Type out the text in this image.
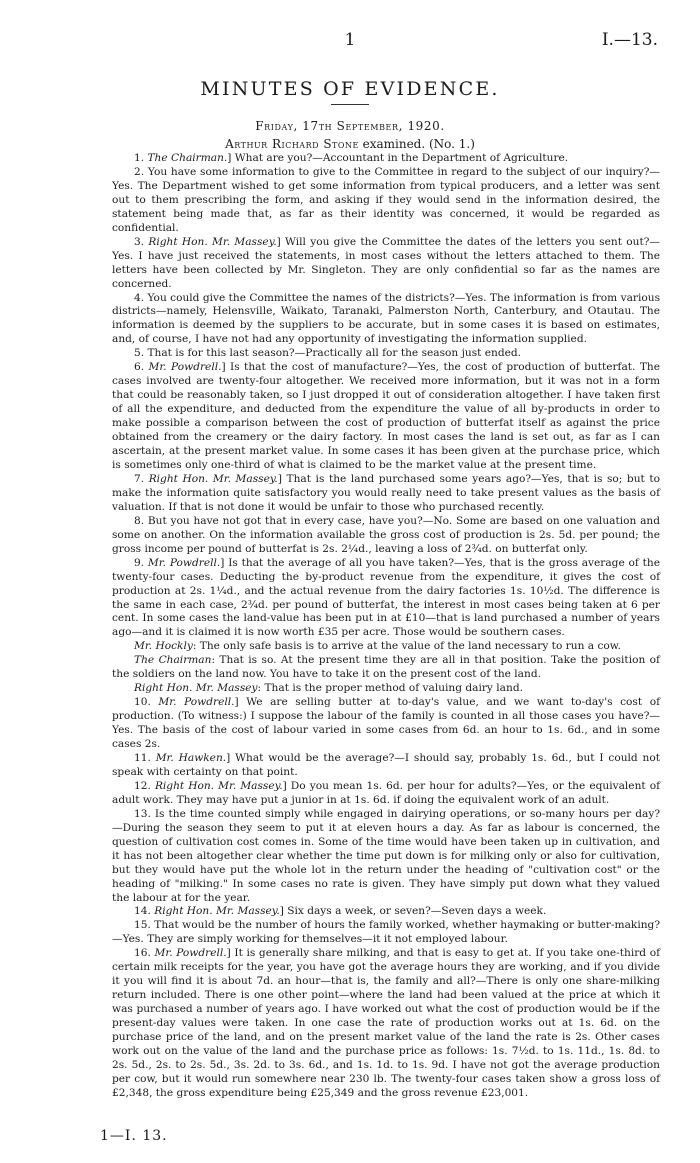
1	I.—13.
MINUTES OF EVIDENCE.
Friday, 17th September, 1920.
Arthur Richard Stone examined. (No. 1.)

1. The Chairman.] What are you?—Accountant in the Department of Agriculture.

2. You have some information to give to the Committee in regard to the subject of our inquiry?—Yes. The Department wished to get some information from typical producers, and a letter was sent out to them prescribing the form, and asking if they would send in the information desired, the statement being made that, as far as their identity was concerned, it would be regarded as confidential.

3. Right Hon. Mr. Massey.] Will you give the Committee the dates of the letters you sent out?—Yes. I have just received the statements, in most cases without the letters attached to them. The letters have been collected by Mr. Singleton. They are only confidential so far as the names are concerned.

4. You could give the Committee the names of the districts?—Yes. The information is from various districts—namely, Helensville, Waikato, Taranaki, Palmerston North, Canterbury, and Otautau. The information is deemed by the suppliers to be accurate, but in some cases it is based on estimates, and, of course, I have not had any opportunity of investigating the information supplied.

5. That is for this last season?—Practically all for the season just ended.

6. Mr. Powdrell.] Is that the cost of manufacture?—Yes, the cost of production of butterfat. The cases involved are twenty-four altogether. We received more information, but it was not in a form that could be reasonably taken, so I just dropped it out of consideration altogether. I have taken first of all the expenditure, and deducted from the expenditure the value of all by-products in order to make possible a comparison between the cost of production of butterfat itself as against the price obtained from the creamery or the dairy factory. In most cases the land is set out, as far as I can ascertain, at the present market value. In some cases it has been given at the purchase price, which is sometimes only one-third of what is claimed to be the market value at the present time.

7. Right Hon. Mr. Massey.] That is the land purchased some years ago?—Yes, that is so; but to make the information quite satisfactory you would really need to take present values as the basis of valuation. If that is not done it would be unfair to those who purchased recently.

8. But you have not got that in every case, have you?—No. Some are based on one valuation and some on another. On the information available the gross cost of production is 2s. 5d. per pound; the gross income per pound of butterfat is 2s. 2¼d., leaving a loss of 2¾d. on butterfat only.

9. Mr. Powdrell.] Is that the average of all you have taken?—Yes, that is the gross average of the twenty-four cases. Deducting the by-product revenue from the expenditure, it gives the cost of production at 2s. 1¼d., and the actual revenue from the dairy factories 1s. 10½d. The difference is the same in each case, 2¾d. per pound of butterfat, the interest in most cases being taken at 6 per cent. In some cases the land-value has been put in at £10—that is land purchased a number of years ago—and it is claimed it is now worth £35 per acre. Those would be southern cases.

Mr. Hockly: The only safe basis is to arrive at the value of the land necessary to run a cow.

The Chairman: That is so. At the present time they are all in that position. Take the position of the soldiers on the land now. You have to take it on the present cost of the land.

Right Hon. Mr. Massey: That is the proper method of valuing dairy land.

10. Mr. Powdrell.] We are selling butter at to-day's value, and we want to-day's cost of production. (To witness:) I suppose the labour of the family is counted in all those cases you have?—Yes. The basis of the cost of labour varied in some cases from 6d. an hour to 1s. 6d., and in some cases 2s.

11. Mr. Hawken.] What would be the average?—I should say, probably 1s. 6d., but I could not speak with certainty on that point.

12. Right Hon. Mr. Massey.] Do you mean 1s. 6d. per hour for adults?—Yes, or the equivalent of adult work. They may have put a junior in at 1s. 6d. if doing the equivalent work of an adult.

13. Is the time counted simply while engaged in dairying operations, or so-many hours per day?—During the season they seem to put it at eleven hours a day. As far as labour is concerned, the question of cultivation cost comes in. Some of the time would have been taken up in cultivation, and it has not been altogether clear whether the time put down is for milking only or also for cultivation, but they would have put the whole lot in the return under the heading of "cultivation cost" or the heading of "milking." In some cases no rate is given. They have simply put down what they valued the labour at for the year.

14. Right Hon. Mr. Massey.] Six days a week, or seven?—Seven days a week.

15. That would be the number of hours the family worked, whether haymaking or butter-making?—Yes. They are simply working for themselves—it it not employed labour.

16. Mr. Powdrell.] It is generally share milking, and that is easy to get at. If you take one-third of certain milk receipts for the year, you have got the average hours they are working, and if you divide it you will find it is about 7d. an hour—that is, the family and all?—There is only one share-milking return included. There is one other point—where the land had been valued at the price at which it was purchased a number of years ago. I have worked out what the cost of production would be if the present-day values were taken. In one case the rate of production works out at 1s. 6d. on the purchase price of the land, and on the present market value of the land the rate is 2s. Other cases work out on the value of the land and the purchase price as follows: 1s. 7½d. to 1s. 11d., 1s. 8d. to 2s. 5d., 2s. to 2s. 5d., 3s. 2d. to 3s. 6d., and 1s. 1d. to 1s. 9d. I have not got the average production per cow, but it would run somewhere near 230 lb. The twenty-four cases taken show a gross loss of £2,348, the gross expenditure being £25,349 and the gross revenue £23,001.

1—I. 13.
